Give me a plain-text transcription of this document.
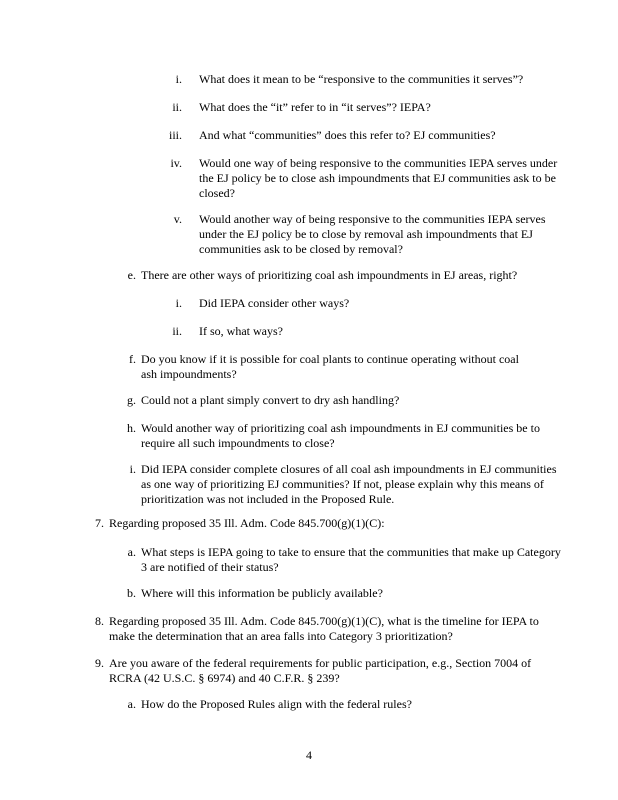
i. What does it mean to be “responsive to the communities it serves”?
ii. What does the “it” refer to in “it serves”? IEPA?
iii. And what “communities” does this refer to? EJ communities?
iv. Would one way of being responsive to the communities IEPA serves under the EJ policy be to close ash impoundments that EJ communities ask to be closed?
v. Would another way of being responsive to the communities IEPA serves under the EJ policy be to close by removal ash impoundments that EJ communities ask to be closed by removal?
e. There are other ways of prioritizing coal ash impoundments in EJ areas, right?
i. Did IEPA consider other ways?
ii. If so, what ways?
f. Do you know if it is possible for coal plants to continue operating without coal ash impoundments?
g. Could not a plant simply convert to dry ash handling?
h. Would another way of prioritizing coal ash impoundments in EJ communities be to require all such impoundments to close?
i. Did IEPA consider complete closures of all coal ash impoundments in EJ communities as one way of prioritizing EJ communities? If not, please explain why this means of prioritization was not included in the Proposed Rule.
7. Regarding proposed 35 Ill. Adm. Code 845.700(g)(1)(C):
a. What steps is IEPA going to take to ensure that the communities that make up Category 3 are notified of their status?
b. Where will this information be publicly available?
8. Regarding proposed 35 Ill. Adm. Code 845.700(g)(1)(C), what is the timeline for IEPA to make the determination that an area falls into Category 3 prioritization?
9. Are you aware of the federal requirements for public participation, e.g., Section 7004 of RCRA (42 U.S.C. § 6974) and 40 C.F.R. § 239?
a. How do the Proposed Rules align with the federal rules?
4
